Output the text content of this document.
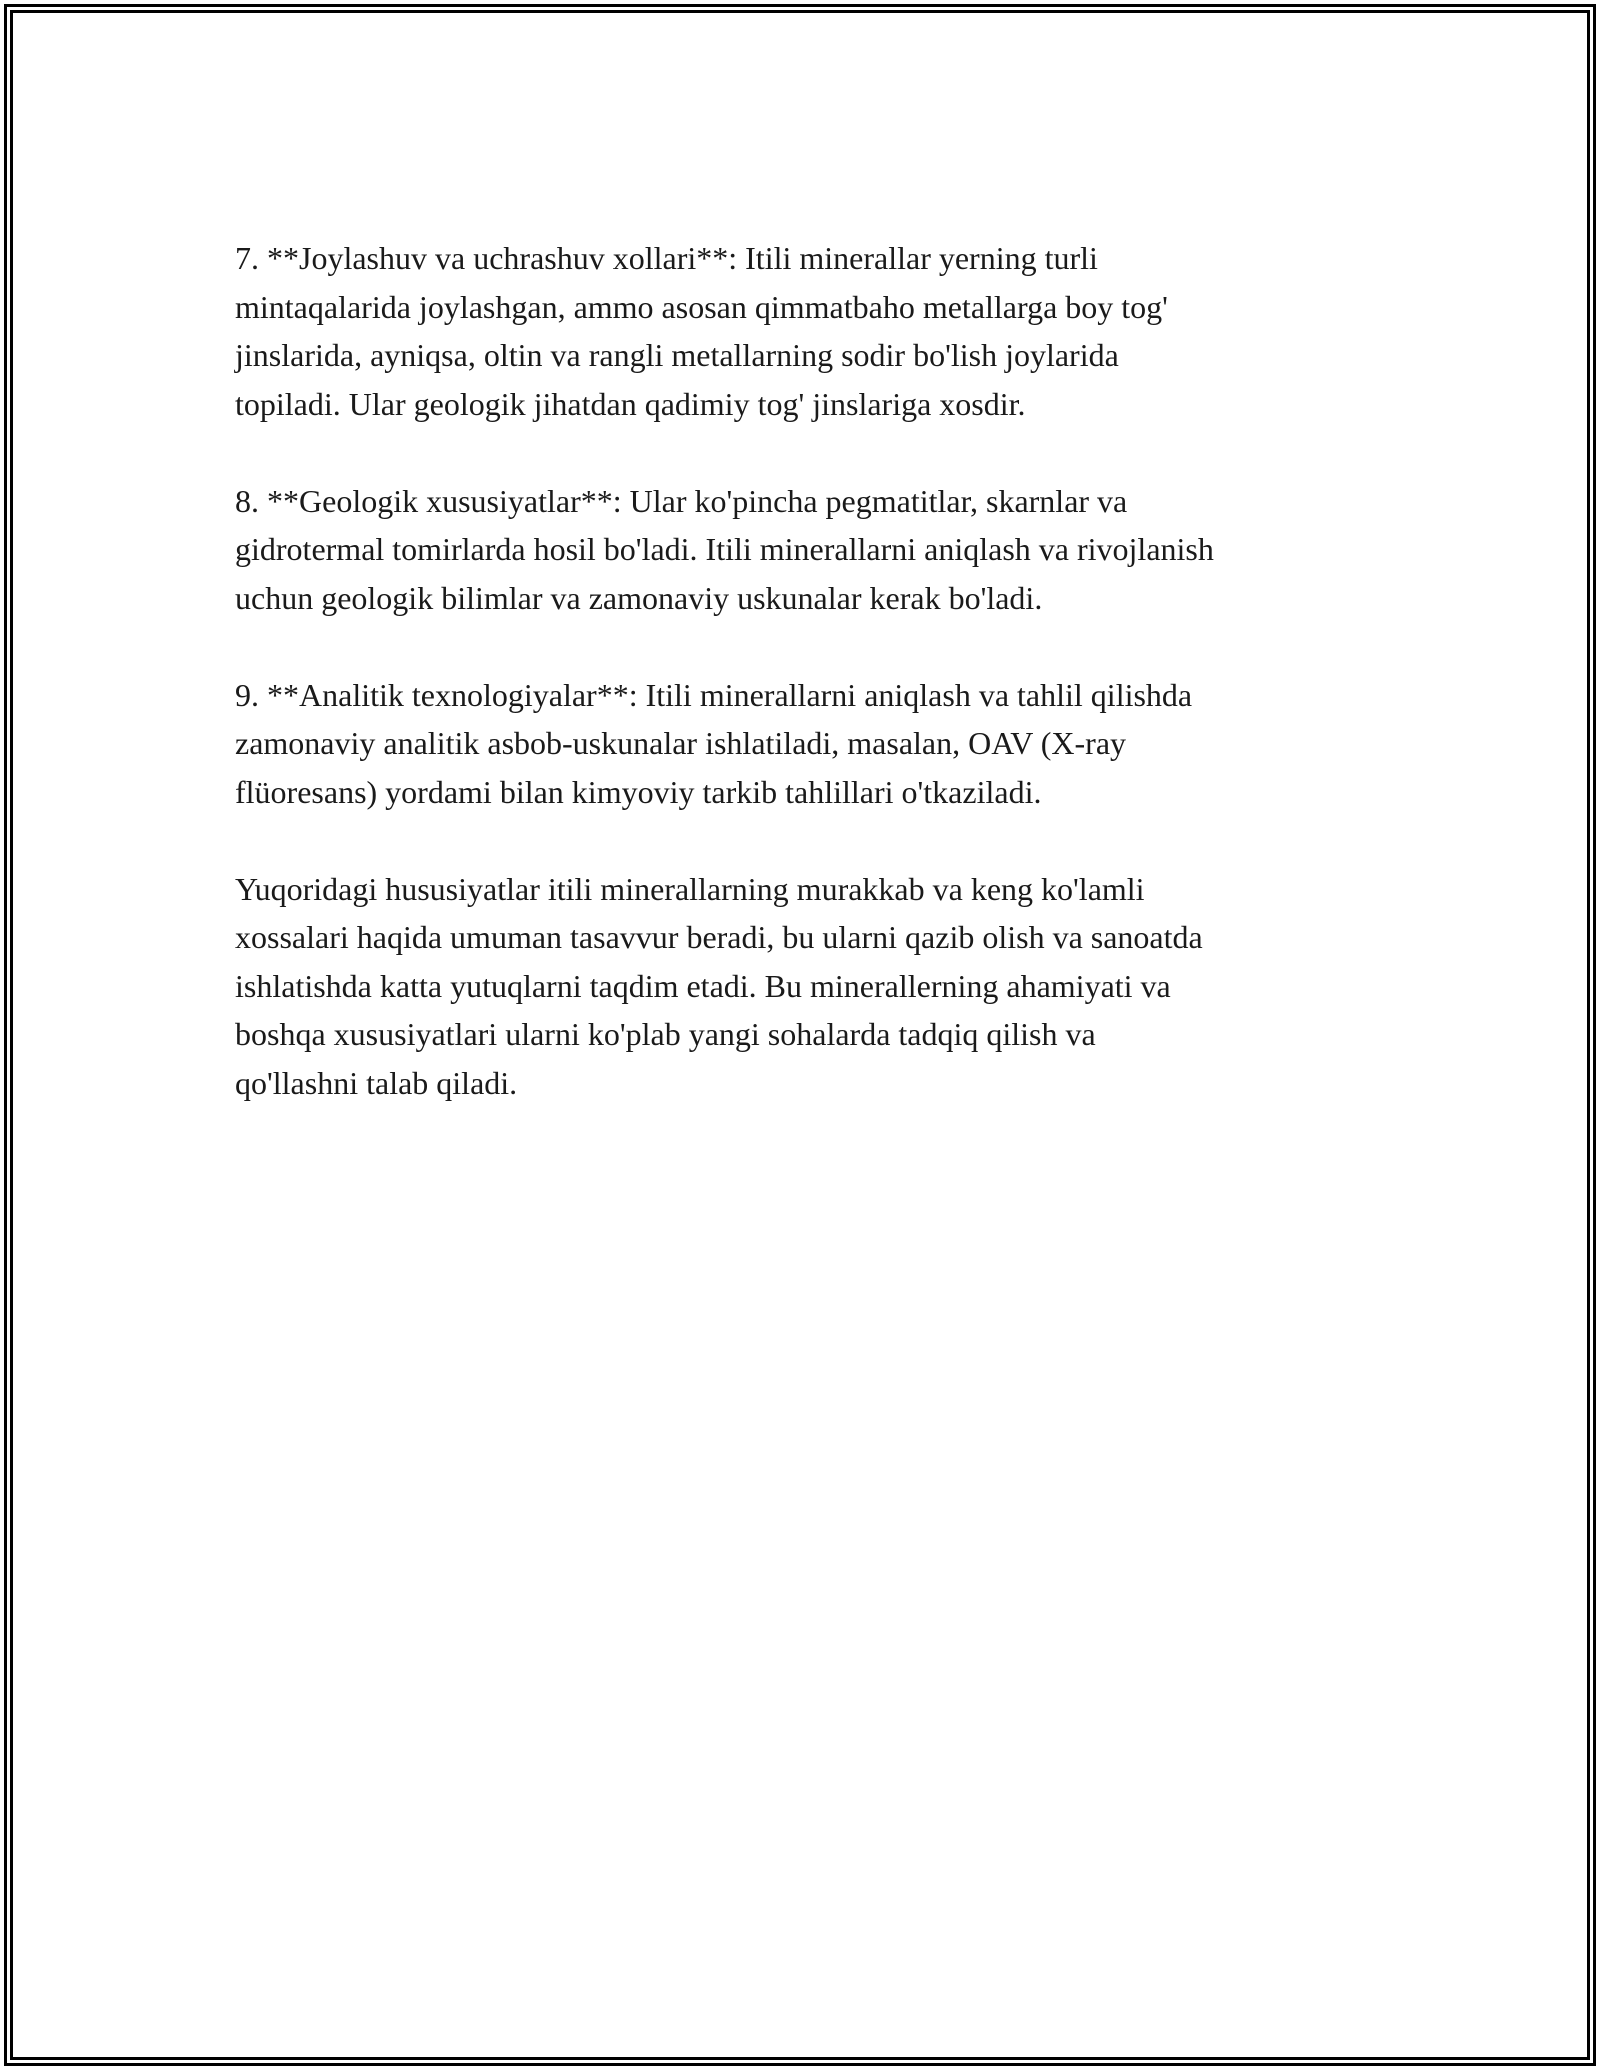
7. **Joylashuv va uchrashuv xollari**: Itili minerallar yerning turli
mintaqalarida joylashgan, ammo asosan qimmatbaho metallarga boy tog'
jinslarida, ayniqsa, oltin va rangli metallarning sodir bo'lish joylarida
topiladi. Ular geologik jihatdan qadimiy tog' jinslariga xosdir.

8. **Geologik xususiyatlar**: Ular ko'pincha pegmatitlar, skarnlar va
gidrotermal tomirlarda hosil bo'ladi. Itili minerallarni aniqlash va rivojlanish
uchun geologik bilimlar va zamonaviy uskunalar kerak bo'ladi.

9. **Analitik texnologiyalar**: Itili minerallarni aniqlash va tahlil qilishda
zamonaviy analitik asbob-uskunalar ishlatiladi, masalan, OAV (X-ray
flüoresans) yordami bilan kimyoviy tarkib tahlillari o'tkaziladi.

Yuqoridagi hususiyatlar itili minerallarning murakkab va keng ko'lamli
xossalari haqida umuman tasavvur beradi, bu ularni qazib olish va sanoatda
ishlatishda katta yutuqlarni taqdim etadi. Bu minerallerning ahamiyati va
boshqa xususiyatlari ularni ko'plab yangi sohalarda tadqiq qilish va
qo'llashni talab qiladi.
